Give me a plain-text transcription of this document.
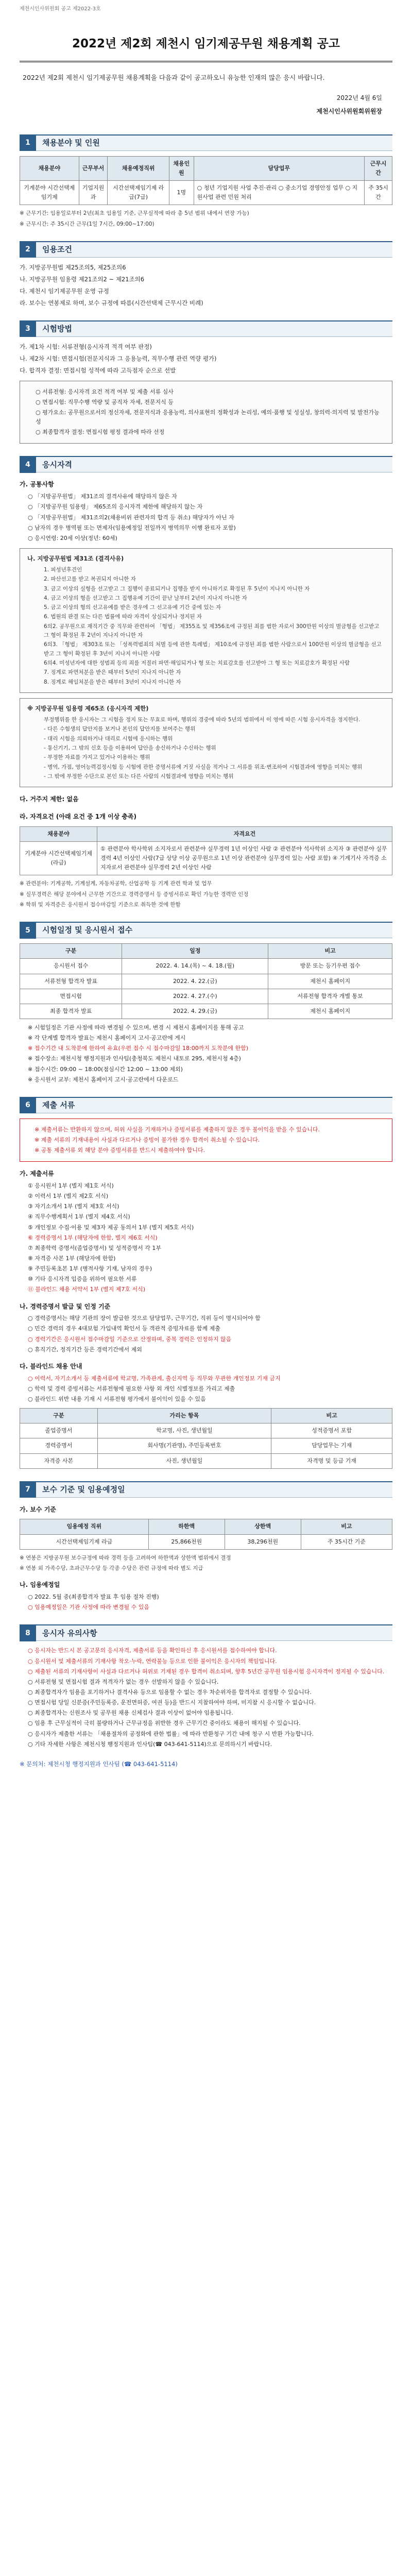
제천시인사위원회 공고 제2022-3호
2022년 제2회 제천시 임기제공무원 채용계획 공고

2022년 제2회 제천시 임기제공무원 채용계획을 다음과 같이 공고하오니 유능한 인재의 많은 응시 바랍니다.

2022년 4월 6일
제천시인사위원회위원장
1	채용분야 및 인원
채용분야	근무부서	채용예정직위	채용인원	담당업무	근무시간
기계분야 시간선택제임기제	기업지원과	시간선택제임기제 라급(7급)	1명	○ 청년 기업지원 사업 추진·관리 ○ 중소기업 경영안정 업무 ○ 지원사업 관련 민원 처리	주 35시간

※ 근무기간: 임용일로부터 2년(최초 임용일 기준, 근무실적에 따라 총 5년 범위 내에서 연장 가능)

※ 근무시간: 주 35시간 근무(1일 7시간, 09:00~17:00)

2	임용조건

가. 지방공무원법 제25조의5, 제25조의6

나. 지방공무원 임용령 제21조의2 ~ 제21조의6

다. 제천시 임기제공무원 운영 규정

라. 보수는 연봉제로 하며, 보수 규정에 따름(시간선택제 근무시간 비례)

3	시험방법

가. 제1차 시험: 서류전형(응시자격 적격 여부 판정)

나. 제2차 시험: 면접시험(전문지식과 그 응용능력, 직무수행 관련 역량 평가)

다. 합격자 결정: 면접시험 성적에 따라 고득점자 순으로 선발

○ 서류전형: 응시자격 요건 적격 여부 및 제출 서류 심사

○ 면접시험: 직무수행 역량 및 공직자 자세, 전문지식 등

○ 평가요소: 공무원으로서의 정신자세, 전문지식과 응용능력, 의사표현의 정확성과 논리성, 예의·품행 및 성실성, 창의력·의지력 및 발전가능성

○ 최종합격자 결정: 면접시험 평정 결과에 따라 선정

4	응시자격
가. 공통사항

○ 「지방공무원법」 제31조의 결격사유에 해당하지 않은 자

○ 「지방공무원 임용령」 제65조의 응시자격 제한에 해당하지 않는 자

○ 「지방공무원법」 제31조의2(채용비위 관련자의 합격 등 취소) 해당자가 아닌 자

○ 남자의 경우 병역필 또는 면제자(임용예정일 전일까지 병역의무 이행 완료자 포함)

○ 응시연령: 20세 이상(정년: 60세)

나. 지방공무원법 제31조 (결격사유)

1. 피성년후견인

2. 파산선고를 받고 복권되지 아니한 자

3. 금고 이상의 실형을 선고받고 그 집행이 종료되거나 집행을 받지 아니하기로 확정된 후 5년이 지나지 아니한 자

4. 금고 이상의 형을 선고받고 그 집행유예 기간이 끝난 날부터 2년이 지나지 아니한 자

5. 금고 이상의 형의 선고유예를 받은 경우에 그 선고유예 기간 중에 있는 자

6. 법원의 판결 또는 다른 법률에 따라 자격이 상실되거나 정지된 자

6의2. 공무원으로 재직기간 중 직무와 관련하여 「형법」 제355조 및 제356조에 규정된 죄를 범한 자로서 300만원 이상의 벌금형을 선고받고 그 형이 확정된 후 2년이 지나지 아니한 자

6의3. 「형법」 제303조 또는 「성폭력범죄의 처벌 등에 관한 특례법」 제10조에 규정된 죄를 범한 사람으로서 100만원 이상의 벌금형을 선고받고 그 형이 확정된 후 3년이 지나지 아니한 사람

6의4. 미성년자에 대한 성범죄 등의 죄를 저질러 파면·해임되거나 형 또는 치료감호를 선고받아 그 형 또는 치료감호가 확정된 사람

7. 징계로 파면처분을 받은 때부터 5년이 지나지 아니한 자

8. 징계로 해임처분을 받은 때부터 3년이 지나지 아니한 자

※ 지방공무원 임용령 제65조 (응시자격 제한)

부정행위를 한 응시자는 그 시험을 정지 또는 무효로 하며, 행위의 경중에 따라 5년의 범위에서 이 영에 따른 시험 응시자격을 정지한다.

- 다른 수험생의 답안지를 보거나 본인의 답안지를 보여주는 행위

- 대리 시험을 의뢰하거나 대리로 시험에 응시하는 행위

- 통신기기, 그 밖의 신호 등을 이용하여 답안을 송신하거나 수신하는 행위

- 부정한 자료를 가지고 있거나 이용하는 행위

- 병역, 가점, 영어능력검정시험 등 시험에 관한 증명서류에 거짓 사실을 적거나 그 서류를 위조·변조하여 시험결과에 영향을 미치는 행위

- 그 밖에 부정한 수단으로 본인 또는 다른 사람의 시험결과에 영향을 미치는 행위

다. 거주지 제한: 없음
라. 자격요건 (아래 요건 중 1개 이상 충족)
채용분야	자격요건
기계분야 시간선택제임기제 (라급)	① 관련분야 학사학위 소지자로서 관련분야 실무경력 1년 이상인 사람 ② 관련분야 석사학위 소지자 ③ 관련분야 실무경력 4년 이상인 사람(7급 상당 이상 공무원으로 1년 이상 관련분야 실무경력 있는 사람 포함) ④ 기계기사 자격증 소지자로서 관련분야 실무경력 2년 이상인 사람

※ 관련분야: 기계공학, 기계설계, 자동차공학, 산업공학 등 기계 관련 학과 및 업무

※ 실무경력은 해당 분야에서 근무한 기간으로 경력증명서 등 증빙서류로 확인 가능한 경력만 인정

※ 학위 및 자격증은 응시원서 접수마감일 기준으로 취득한 것에 한함

5	시험일정 및 응시원서 접수
구분	일정	비고
응시원서 접수	2022. 4. 14.(목) ~ 4. 18.(월)	방문 또는 등기우편 접수
서류전형 합격자 발표	2022. 4. 22.(금)	제천시 홈페이지
면접시험	2022. 4. 27.(수)	서류전형 합격자 개별 통보
최종 합격자 발표	2022. 4. 29.(금)	제천시 홈페이지

※ 시험일정은 기관 사정에 따라 변경될 수 있으며, 변경 시 제천시 홈페이지를 통해 공고

※ 각 단계별 합격자 발표는 제천시 홈페이지 고시·공고란에 게시

※ 접수기간 내 도착분에 한하여 유효(우편 접수 시 접수마감일 18:00까지 도착분에 한함)

※ 접수장소: 제천시청 행정지원과 인사팀(충청북도 제천시 내토로 295, 제천시청 4층)

※ 접수시간: 09:00 ~ 18:00(점심시간 12:00 ~ 13:00 제외)

※ 응시원서 교부: 제천시 홈페이지 고시·공고란에서 다운로드

6	제출 서류

※ 제출서류는 반환하지 않으며, 허위 사실을 기재하거나 증빙서류를 제출하지 않은 경우 불이익을 받을 수 있습니다.

※ 제출 서류의 기재내용이 사실과 다르거나 증빙이 불가한 경우 합격이 취소될 수 있습니다.

※ 공통 제출서류 외 해당 분야 증빙서류를 반드시 제출하여야 합니다.

가. 제출서류

① 응시원서 1부 (별지 제1호 서식)

② 이력서 1부 (별지 제2호 서식)

③ 자기소개서 1부 (별지 제3호 서식)

④ 직무수행계획서 1부 (별지 제4호 서식)

⑤ 개인정보 수집·이용 및 제3자 제공 동의서 1부 (별지 제5호 서식)

⑥ 경력증명서 1부 (해당자에 한함, 별지 제6호 서식)

⑦ 최종학력 증명서(졸업증명서) 및 성적증명서 각 1부

⑧ 자격증 사본 1부 (해당자에 한함)

⑨ 주민등록초본 1부 (병적사항 기재, 남자의 경우)

⑩ 기타 응시자격 입증을 위하여 필요한 서류

⑪ 블라인드 채용 서약서 1부 (별지 제7호 서식)

나. 경력증명서 발급 및 인정 기준

○ 경력증명서는 해당 기관의 장이 발급한 것으로 담당업무, 근무기간, 직위 등이 명시되어야 함

○ 민간 경력의 경우 4대보험 가입내역 확인서 등 객관적 증빙자료를 함께 제출

○ 경력기간은 응시원서 접수마감일 기준으로 산정하며, 중복 경력은 인정하지 않음

○ 휴직기간, 정직기간 등은 경력기간에서 제외

다. 블라인드 채용 안내

○ 이력서, 자기소개서 등 제출서류에 학교명, 가족관계, 출신지역 등 직무와 무관한 개인정보 기재 금지

○ 학력 및 경력 증빙서류는 서류전형에 필요한 사항 외 개인 식별정보를 가리고 제출

○ 블라인드 위반 내용 기재 시 서류전형 평가에서 불이익이 있을 수 있음

구분	가리는 항목	비고
졸업증명서	학교명, 사진, 생년월일	성적증명서 포함
경력증명서	회사명(기관명), 주민등록번호	담당업무는 기재
자격증 사본	사진, 생년월일	자격명 및 등급 기재
7	보수 기준 및 임용예정일
가. 보수 기준
임용예정 직위	하한액	상한액	비고
시간선택제임기제 라급	25,866천원	38,296천원	주 35시간 기준

※ 연봉은 지방공무원 보수규정에 따라 경력 등을 고려하여 하한액과 상한액 범위에서 결정

※ 연봉 외 가족수당, 초과근무수당 등 각종 수당은 관련 규정에 따라 별도 지급

나. 임용예정일

○ 2022. 5월 중(최종합격자 발표 후 임용 절차 진행)

○ 임용예정일은 기관 사정에 따라 변경될 수 있음

8	응시자 유의사항

○ 응시자는 반드시 본 공고문의 응시자격, 제출서류 등을 확인하신 후 응시원서를 접수하여야 합니다.

○ 응시원서 및 제출서류의 기재사항 착오·누락, 연락불능 등으로 인한 불이익은 응시자의 책임입니다.

○ 제출된 서류의 기재사항이 사실과 다르거나 허위로 기재된 경우 합격이 취소되며, 향후 5년간 공무원 임용시험 응시자격이 정지될 수 있습니다.

○ 서류전형 및 면접시험 결과 적격자가 없는 경우 선발하지 않을 수 있습니다.

○ 최종합격자가 임용을 포기하거나 결격사유 등으로 임용할 수 없는 경우 차순위자를 합격자로 결정할 수 있습니다.

○ 면접시험 당일 신분증(주민등록증, 운전면허증, 여권 등)을 반드시 지참하여야 하며, 미지참 시 응시할 수 없습니다.

○ 최종합격자는 신원조사 및 공무원 채용 신체검사 결과 이상이 없어야 임용됩니다.

○ 임용 후 근무실적이 극히 불량하거나 근무규정을 위반한 경우 근무기간 중이라도 채용이 해지될 수 있습니다.

○ 응시자가 제출한 서류는 「채용절차의 공정화에 관한 법률」에 따라 반환청구 기간 내에 청구 시 반환 가능합니다.

○ 기타 자세한 사항은 제천시청 행정지원과 인사팀(☎ 043-641-5114)으로 문의하시기 바랍니다.

※ 문의처: 제천시청 행정지원과 인사팀 (☎ 043-641-5114)
